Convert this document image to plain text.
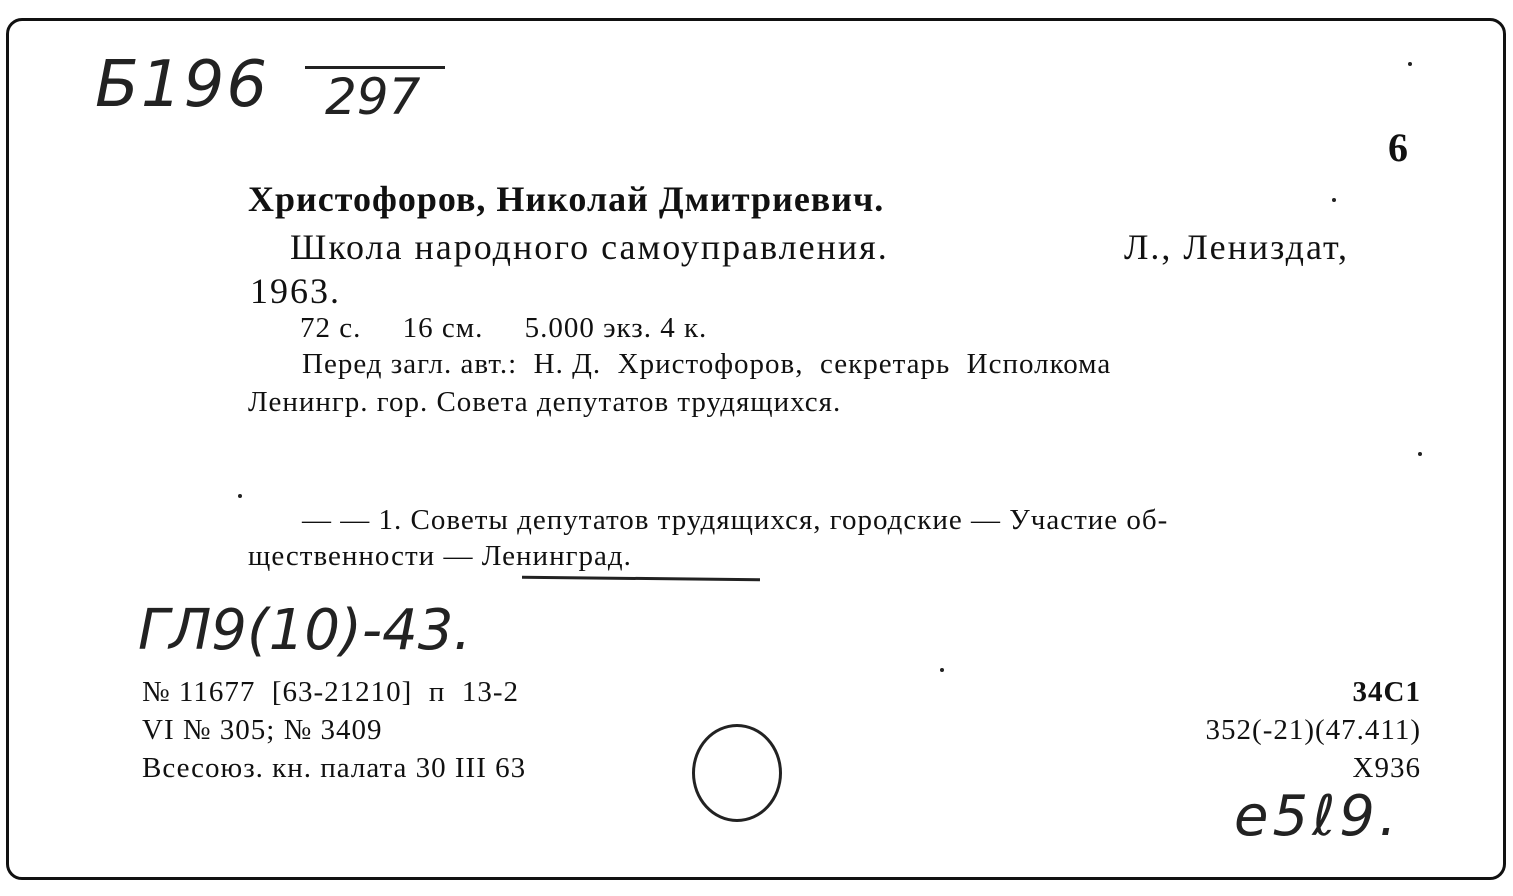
Б196 297
6
Христофоров, Николай Дмитриевич.
Школа народного самоуправления.	Л., Лениздат,
1963.
72 с.     16 см.     5.000 экз. 4 к.
Перед загл. авт.:  Н. Д.  Христофоров,  секретарь  Исполкома
Ленингр. гор. Совета депутатов трудящихся.
— — 1. Советы депутатов трудящихся, городские — Участие об-
щественности — Ленинград.
ГЛ9(10)-43.
№ 11677  [63-21210]  п  13-2
VI № 305; № 3409
Всесоюз. кн. палата 30 III 63
34С1
352(-21)(47.411)
Х936
е5ℓ9.
